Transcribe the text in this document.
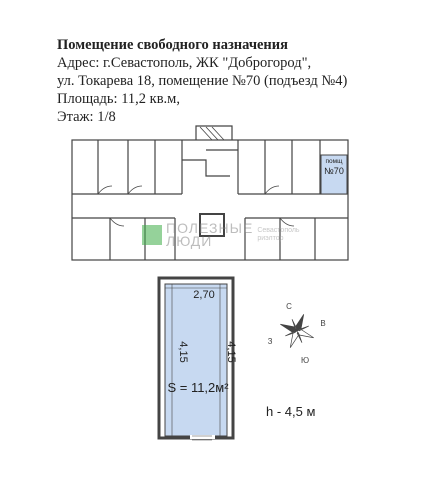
Помещение свободного назначения
Адрес: г.Севастополь, ЖК "Доброгород",
ул. Токарева 18, помещение №70 (подъезд №4)
Площадь: 11,2 кв.м,
Этаж: 1/8
помщ
№70
2,70
4,15	4,15
S = 11,2м²
С
В
Ю
З
ПОЛЕЗНЫЕ
ЛЮДИ
Севастополь
риэлтор
h - 4,5 м
